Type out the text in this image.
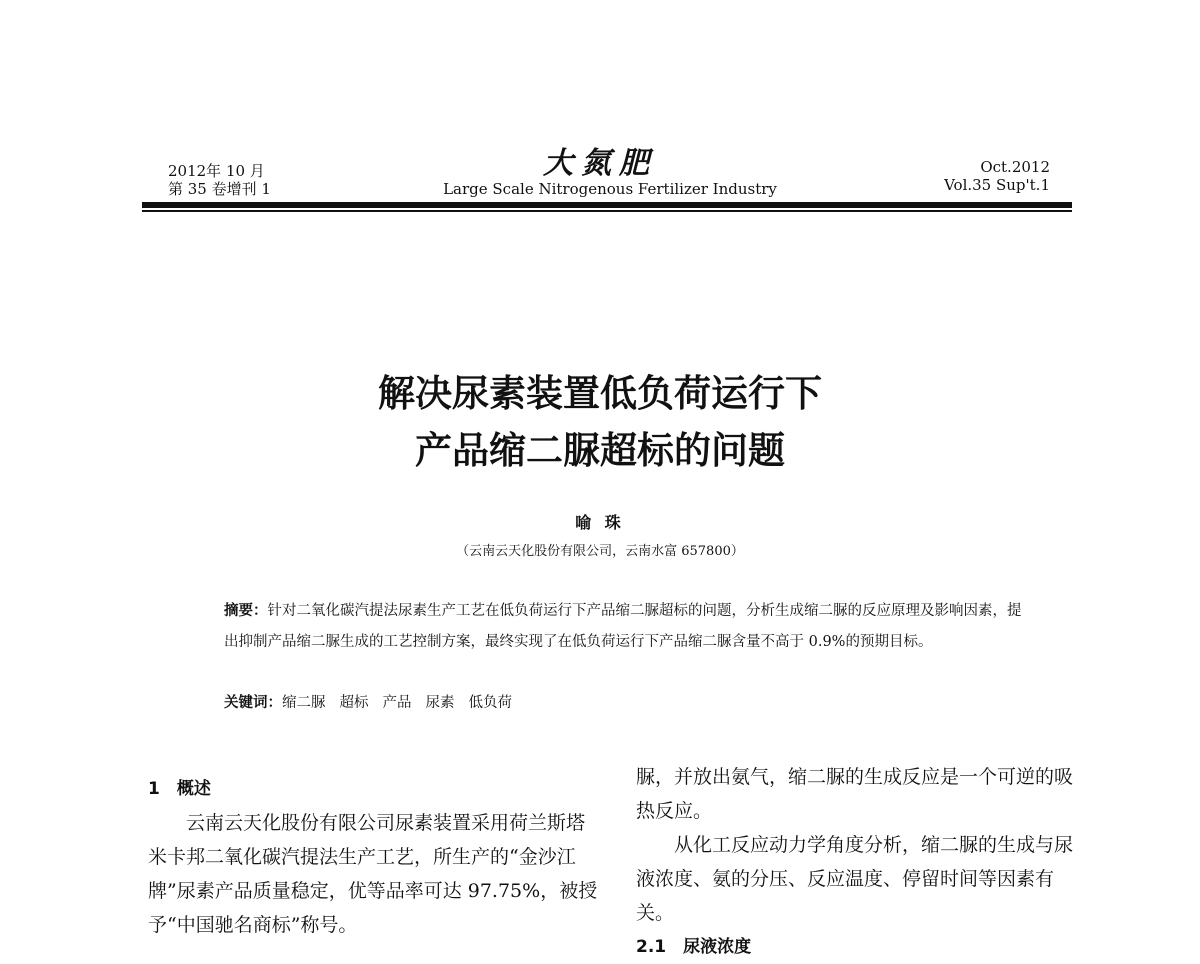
2012年 10 月
第 35 卷增刊 1
大氮肥
Large Scale Nitrogenous Fertilizer Industry
Oct.2012
Vol.35 Sup't.1
解决尿素装置低负荷运行下
产品缩二脲超标的问题
喻 珠
（云南云天化股份有限公司，云南水富 657800）

摘要：针对二氧化碳汽提法尿素生产工艺在低负荷运行下产品缩二脲超标的问题，分析生成缩二脲的反应原理及影响因素，提出抑制产品缩二脲生成的工艺控制方案，最终实现了在低负荷运行下产品缩二脲含量不高于 0.9%的预期目标。

关键词：缩二脲 超标 产品 尿素 低负荷

1　概述

云南云天化股份有限公司尿素装置采用荷兰斯塔米卡邦二氧化碳汽提法生产工艺，所生产的“金沙江牌”尿素产品质量稳定，优等品率可达 97.75%，被授予“中国驰名商标”称号。

脲，并放出氨气，缩二脲的生成反应是一个可逆的吸热反应。

从化工反应动力学角度分析，缩二脲的生成与尿液浓度、氨的分压、反应温度、停留时间等因素有关。

2.1　尿液浓度
